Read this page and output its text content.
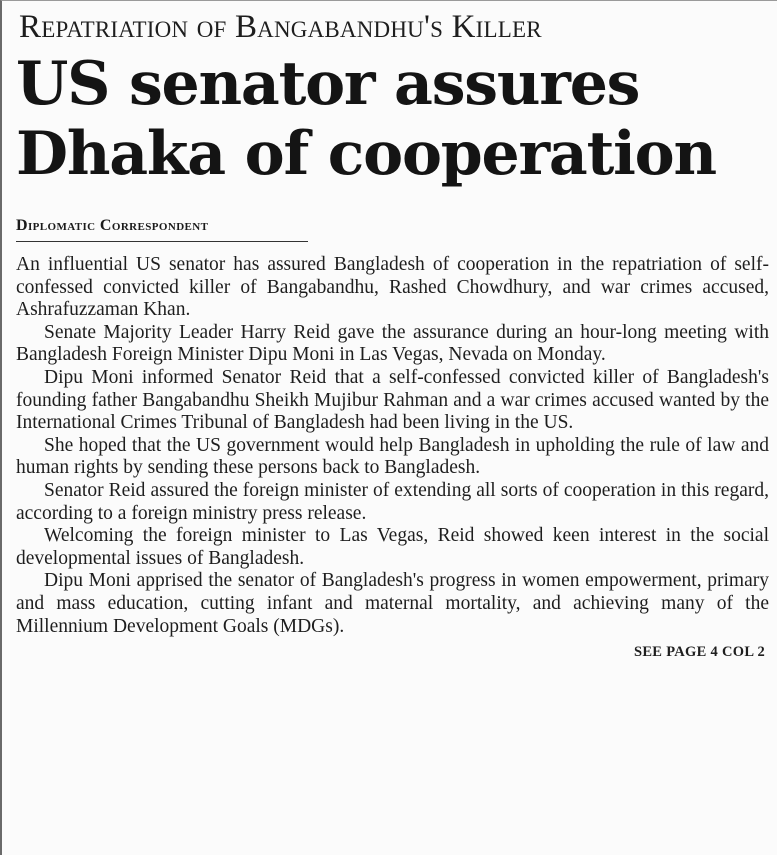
Repatriation of Bangabandhu's Killer
US senator assures
Dhaka of cooperation
Diplomatic Correspondent

An influential US senator has assured Bangladesh of cooperation in the repatriation of self-confessed convicted killer of Bangabandhu, Rashed Chowdhury, and war crimes accused, Ashrafuzzaman Khan.

Senate Majority Leader Harry Reid gave the assurance during an hour-long meeting with Bangladesh Foreign Minister Dipu Moni in Las Vegas, Nevada on Monday.

Dipu Moni informed Senator Reid that a self-confessed convicted killer of Bangladesh's founding father Bangabandhu Sheikh Mujibur Rahman and a war crimes accused wanted by the International Crimes Tribunal of Bangladesh had been living in the US.

She hoped that the US government would help Bangladesh in upholding the rule of law and human rights by sending these persons back to Bangladesh.

Senator Reid assured the foreign minister of extending all sorts of cooperation in this regard, according to a foreign ministry press release.

Welcoming the foreign minister to Las Vegas, Reid showed keen interest in the social developmental issues of Bangladesh.

Dipu Moni apprised the senator of Bangladesh's progress in women empowerment, primary and mass education, cutting infant and maternal mortality, and achieving many of the Millennium Development Goals (MDGs).

SEE PAGE 4 COL 2
